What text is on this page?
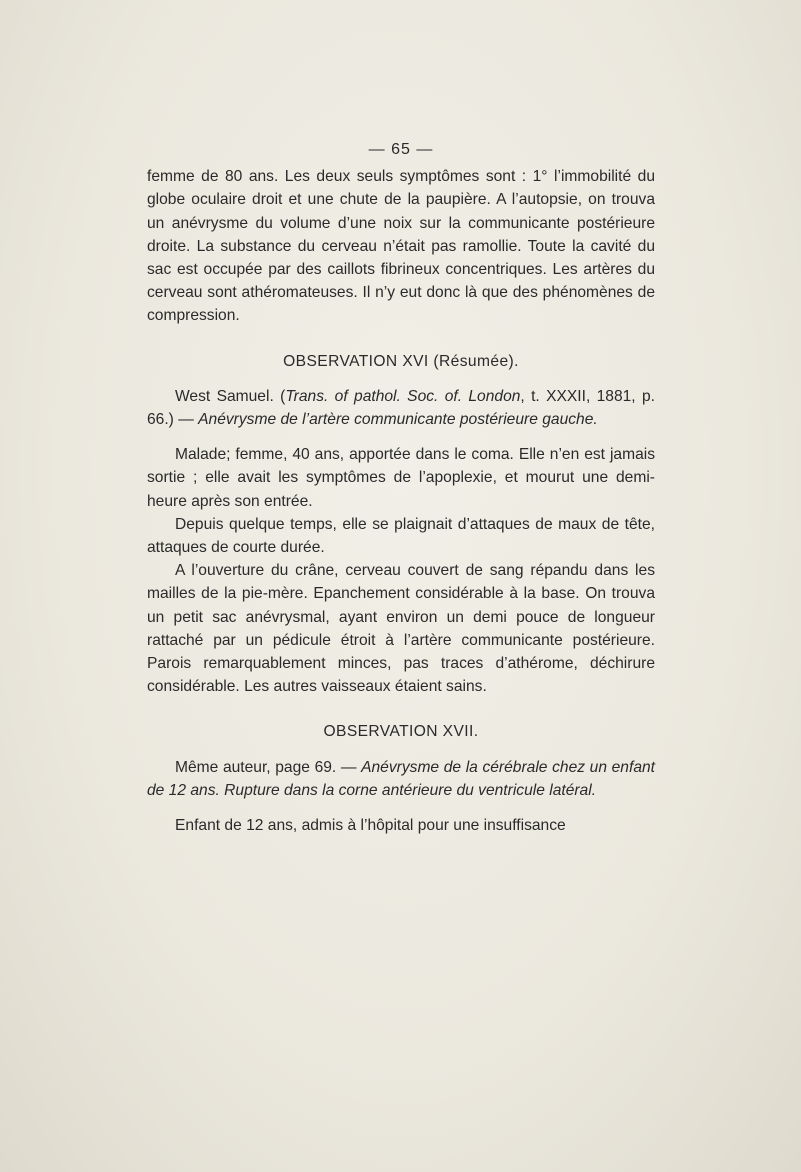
— 65 —

femme de 80 ans. Les deux seuls symptômes sont : 1° l’immobilité du globe oculaire droit et une chute de la paupière. A l’autopsie, on trouva un anévrysme du volume d’une noix sur la communicante postérieure droite. La substance du cerveau n’était pas ramollie. Toute la cavité du sac est occupée par des caillots fibrineux concentriques. Les artères du cerveau sont athéromateuses. Il n’y eut donc là que des phénomènes de compression.

OBSERVATION XVI (Résumée).

West Samuel. (Trans. of pathol. Soc. of. London, t. XXXII, 1881, p. 66.) — Anévrysme de l’artère communicante postérieure gauche.

Malade; femme, 40 ans, apportée dans le coma. Elle n’en est jamais sortie ; elle avait les symptômes de l’apoplexie, et mourut une demi-heure après son entrée.

Depuis quelque temps, elle se plaignait d’attaques de maux de tête, attaques de courte durée.

A l’ouverture du crâne, cerveau couvert de sang répandu dans les mailles de la pie-mère. Epanchement considérable à la base. On trouva un petit sac anévrysmal, ayant environ un demi pouce de longueur rattaché par un pédicule étroit à l’artère communicante postérieure. Parois remarquablement minces, pas traces d’athérome, déchirure considérable. Les autres vaisseaux étaient sains.

OBSERVATION XVII.

Même auteur, page 69. — Anévrysme de la cérébrale chez un enfant de 12 ans. Rupture dans la corne antérieure du ventricule latéral.

Enfant de 12 ans, admis à l’hôpital pour une insuffisance
